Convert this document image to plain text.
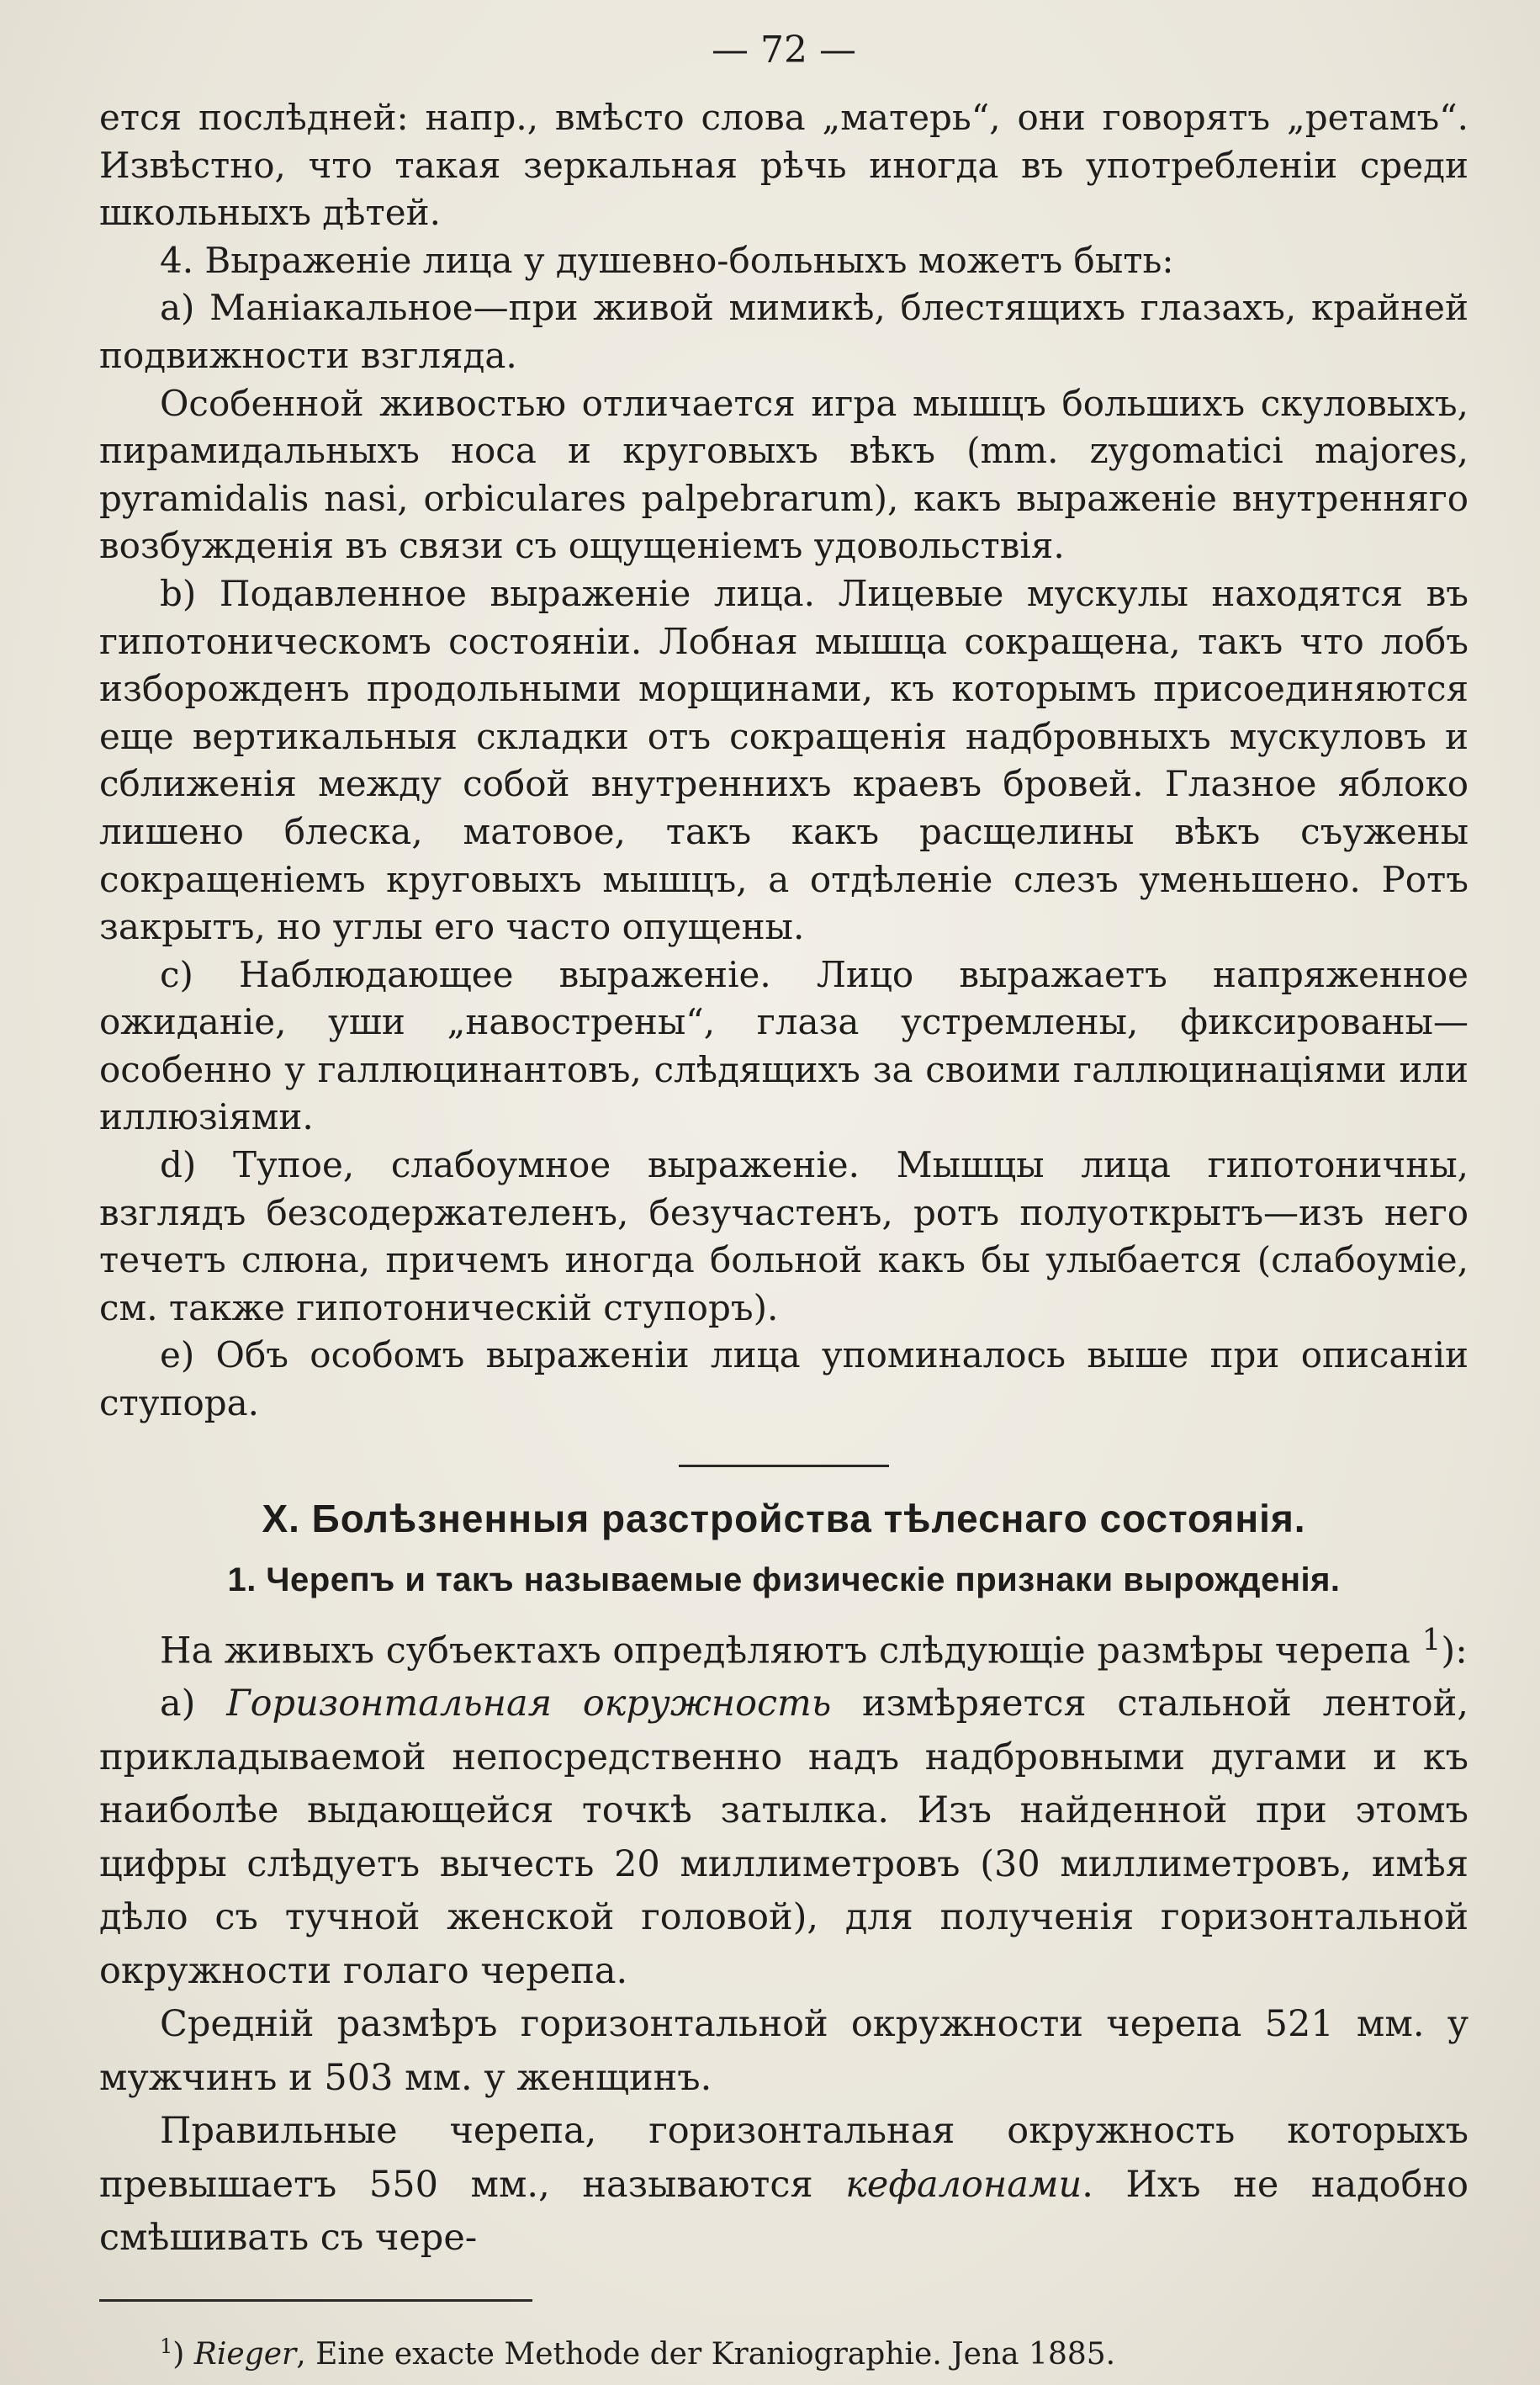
— 72 —

ется послѣдней: напр., вмѣсто слова „матерь“, они говорятъ „ретамъ“. Извѣстно, что такая зеркальная рѣчь иногда въ употребленіи среди школьныхъ дѣтей.

4. Выраженіе лица у душевно-больныхъ можетъ быть:

a) Маніакальное—при живой мимикѣ, блестящихъ глазахъ, крайней подвижности взгляда.

Особенной живостью отличается игра мышцъ большихъ скуловыхъ, пирамидальныхъ носа и круговыхъ вѣкъ (mm. zygomatici majores, pyramidalis nasi, orbiculares palpebrarum), какъ выраженіе внутренняго возбужденія въ связи съ ощущеніемъ удовольствія.

b) Подавленное выраженіе лица. Лицевые мускулы находятся въ гипотоническомъ состояніи. Лобная мышца сокращена, такъ что лобъ изборожденъ продольными морщинами, къ которымъ присоединяются еще вертикальныя складки отъ сокращенія надбровныхъ мускуловъ и сближенія между собой внутреннихъ краевъ бровей. Глазное яблоко лишено блеска, матовое, такъ какъ расщелины вѣкъ съужены сокращеніемъ круговыхъ мышцъ, а отдѣленіе слезъ уменьшено. Ротъ закрытъ, но углы его часто опущены.

c) Наблюдающее выраженіе. Лицо выражаетъ напряженное ожиданіе, уши „навострены“, глаза устремлены, фиксированы—особенно у галлюцинантовъ, слѣдящихъ за своими галлюцинаціями или иллюзіями.

d) Тупое, слабоумное выраженіе. Мышцы лица гипотоничны, взглядъ безсодержателенъ, безучастенъ, ротъ полуоткрытъ—изъ него течетъ слюна, причемъ иногда больной какъ бы улыбается (слабоуміе, см. также гипотоническій ступоръ).

e) Объ особомъ выраженіи лица упоминалось выше при описаніи ступора.

X. Болѣзненныя разстройства тѣлеснаго состоянія.
1. Черепъ и такъ называемые физическіе признаки вырожденія.

На живыхъ субъектахъ опредѣляютъ слѣдующіе размѣры черепа $^1$):

a) Горизонтальная окружность измѣряется стальной лентой, прикладываемой непосредственно надъ надбровными дугами и къ наиболѣе выдающейся точкѣ затылка. Изъ найденной при этомъ цифры слѣдуетъ вычесть 20 миллиметровъ (30 миллиметровъ, имѣя дѣло съ тучной женской головой), для полученія горизонтальной окружности голаго черепа.

Средній размѣръ горизонтальной окружности черепа 521 мм. у мужчинъ и 503 мм. у женщинъ.

Правильные черепа, горизонтальная окружность которыхъ превышаетъ 550 мм., называются кефалонами. Ихъ не надобно смѣшивать съ чере-

$^1$) Rieger, Eine exacte Methode der Kraniographie. Jena 1885.
